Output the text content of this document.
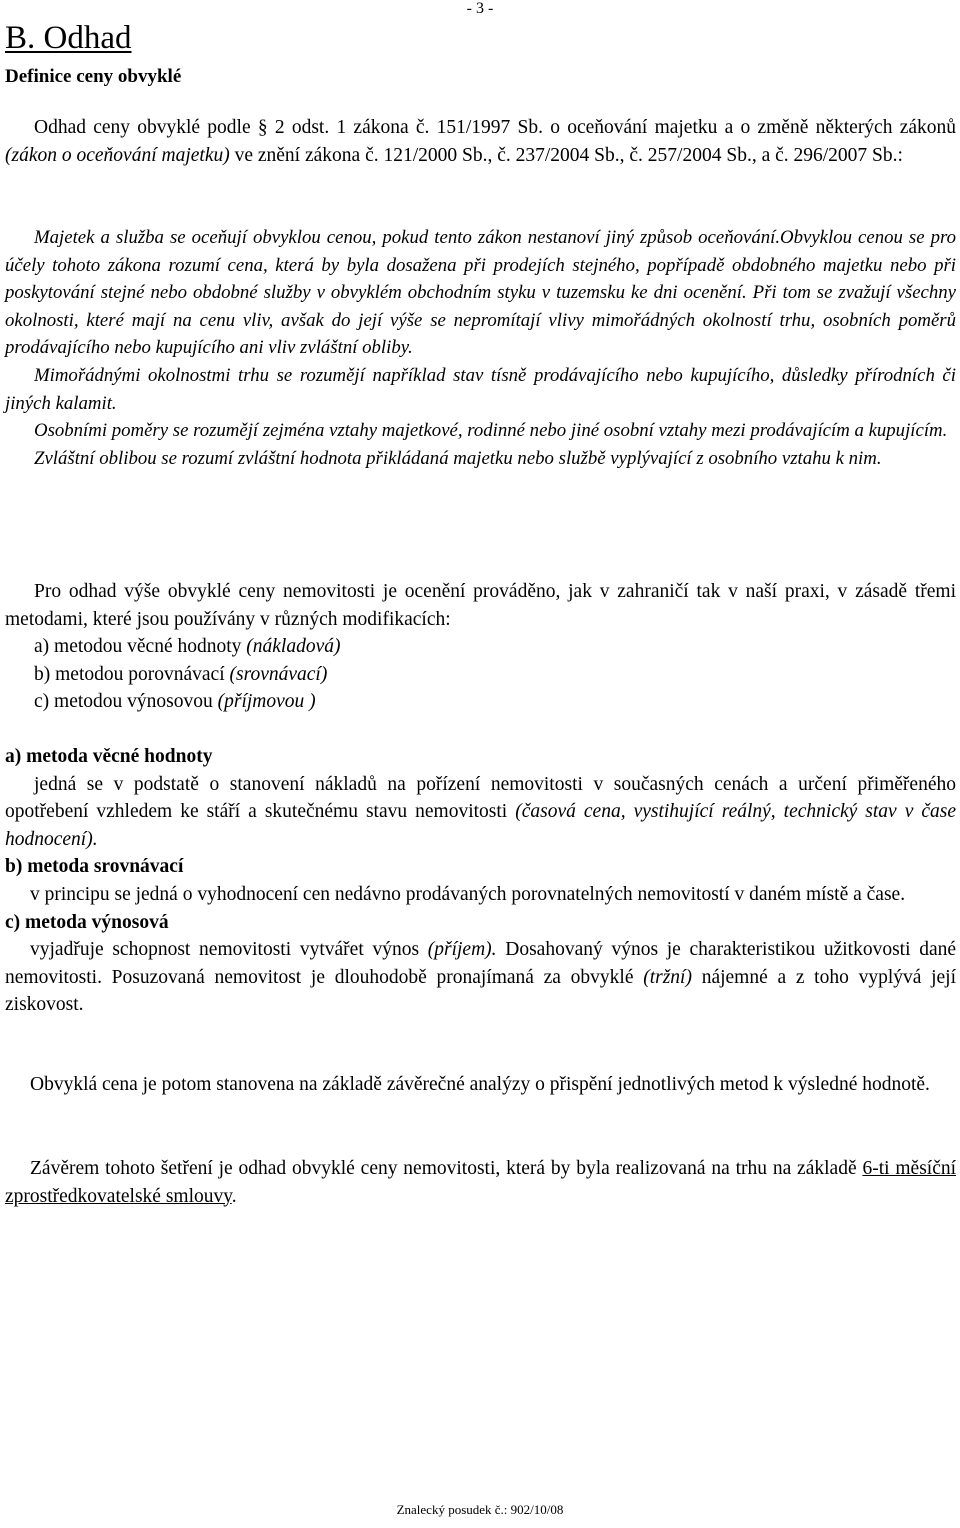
- 3 -
B. Odhad
Definice ceny obvyklé
Odhad ceny obvyklé podle § 2 odst. 1 zákona č. 151/1997 Sb. o oceňování majetku a o změně některých zákonů (zákon o oceňování majetku) ve znění zákona č. 121/2000 Sb., č. 237/2004 Sb., č. 257/2004 Sb., a č. 296/2007 Sb.:

Majetek a služba se oceňují obvyklou cenou, pokud tento zákon nestanoví jiný způsob oceňování.Obvyklou cenou se pro účely tohoto zákona rozumí cena, která by byla dosažena při prodejích stejného, popřípadě obdobného majetku nebo při poskytování stejné nebo obdobné služby v obvyklém obchodním styku v tuzemsku ke dni ocenění. Při tom se zvažují všechny okolnosti, které mají na cenu vliv, avšak do její výše se nepromítají vlivy mimořádných okolností trhu, osobních poměrů prodávajícího nebo kupujícího ani vliv zvláštní obliby.

Mimořádnými okolnostmi trhu se rozumějí například stav tísně prodávajícího nebo kupujícího, důsledky přírodních či jiných kalamit.

Osobními poměry se rozumějí zejména vztahy majetkové, rodinné nebo jiné osobní vztahy mezi prodávajícím a kupujícím.

Zvláštní oblibou se rozumí zvláštní hodnota přikládaná majetku nebo službě vyplývající z osobního vztahu k nim.

Pro odhad výše obvyklé ceny nemovitosti je ocenění prováděno, jak v zahraničí tak v naší praxi, v zásadě třemi metodami, které jsou používány v různých modifikacích:

a) metodou věcné hodnoty (nákladová)

b) metodou porovnávací (srovnávací)

c) metodou výnosovou (příjmovou )

a) metoda věcné hodnoty

jedná se v podstatě o stanovení nákladů na pořízení nemovitosti v současných cenách a určení přiměřeného opotřebení vzhledem ke stáří a skutečnému stavu nemovitosti (časová cena, vystihující reálný, technický stav v čase hodnocení).

b) metoda srovnávací

v principu se jedná o vyhodnocení cen nedávno prodávaných porovnatelných nemovitostí v daném místě a čase.

c) metoda výnosová

vyjadřuje schopnost nemovitosti vytvářet výnos (příjem). Dosahovaný výnos je charakteristikou užitkovosti dané nemovitosti. Posuzovaná nemovitost je dlouhodobě pronajímaná za obvyklé (tržní) nájemné a z toho vyplývá její ziskovost.

Obvyklá cena je potom stanovena na základě závěrečné analýzy o přispění jednotlivých metod k výsledné hodnotě.
Závěrem tohoto šetření je odhad obvyklé ceny nemovitosti, která by byla realizovaná na trhu na základě 6-ti měsíční zprostředkovatelské smlouvy.
Znalecký posudek č.: 902/10/08
